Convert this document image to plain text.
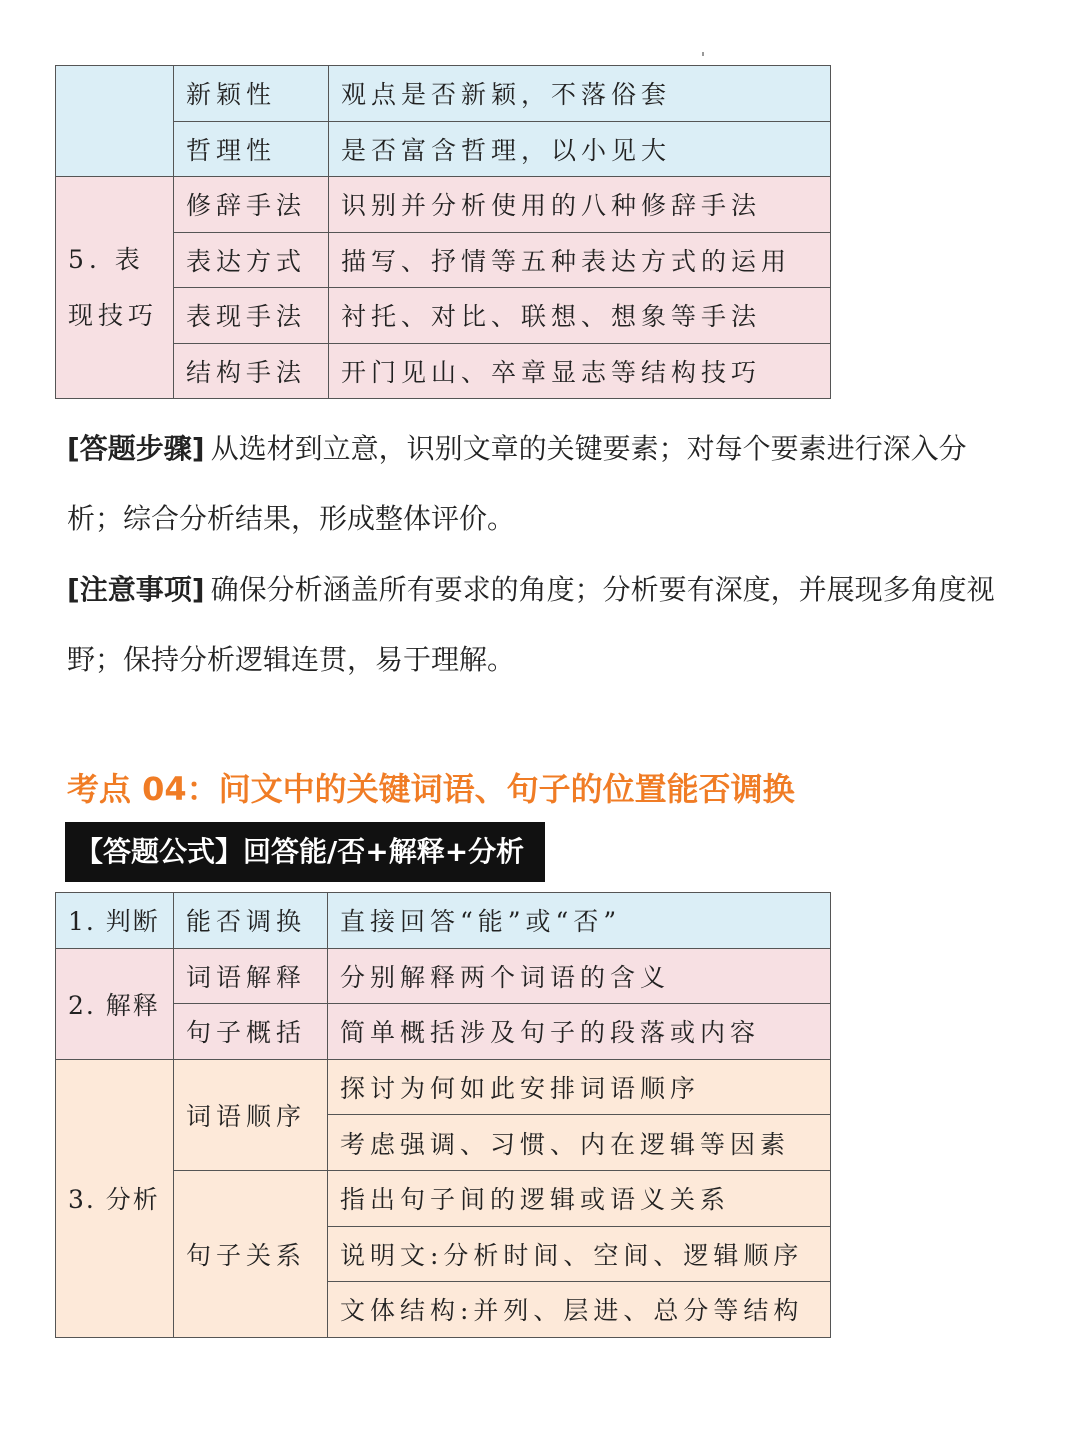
	新颖性	观点是否新颖，不落俗套
	哲理性	是否富含哲理，以小见大
5. 表现技巧	修辞手法	识别并分析使用的八种修辞手法
	表达方式	描写、抒情等五种表达方式的运用
	表现手法	衬托、对比、联想、想象等手法
	结构手法	开门见山、卒章显志等结构技巧

[答题步骤] 从选材到立意，识别文章的关键要素；对每个要素进行深入分析；综合分析结果，形成整体评价。

[注意事项] 确保分析涵盖所有要求的角度；分析要有深度，并展现多角度视野；保持分析逻辑连贯，易于理解。

考点 04：问文中的关键词语、句子的位置能否调换
【答题公式】回答能/否+解释+分析
1. 判断	能否调换	直接回答“能”或“否”
2. 解释	词语解释	分别解释两个词语的含义
	句子概括	简单概括涉及句子的段落或内容
3. 分析	词语顺序	探讨为何如此安排词语顺序
		考虑强调、习惯、内在逻辑等因素
	句子关系	指出句子间的逻辑或语义关系
		说明文:分析时间、空间、逻辑顺序
		文体结构:并列、层进、总分等结构
